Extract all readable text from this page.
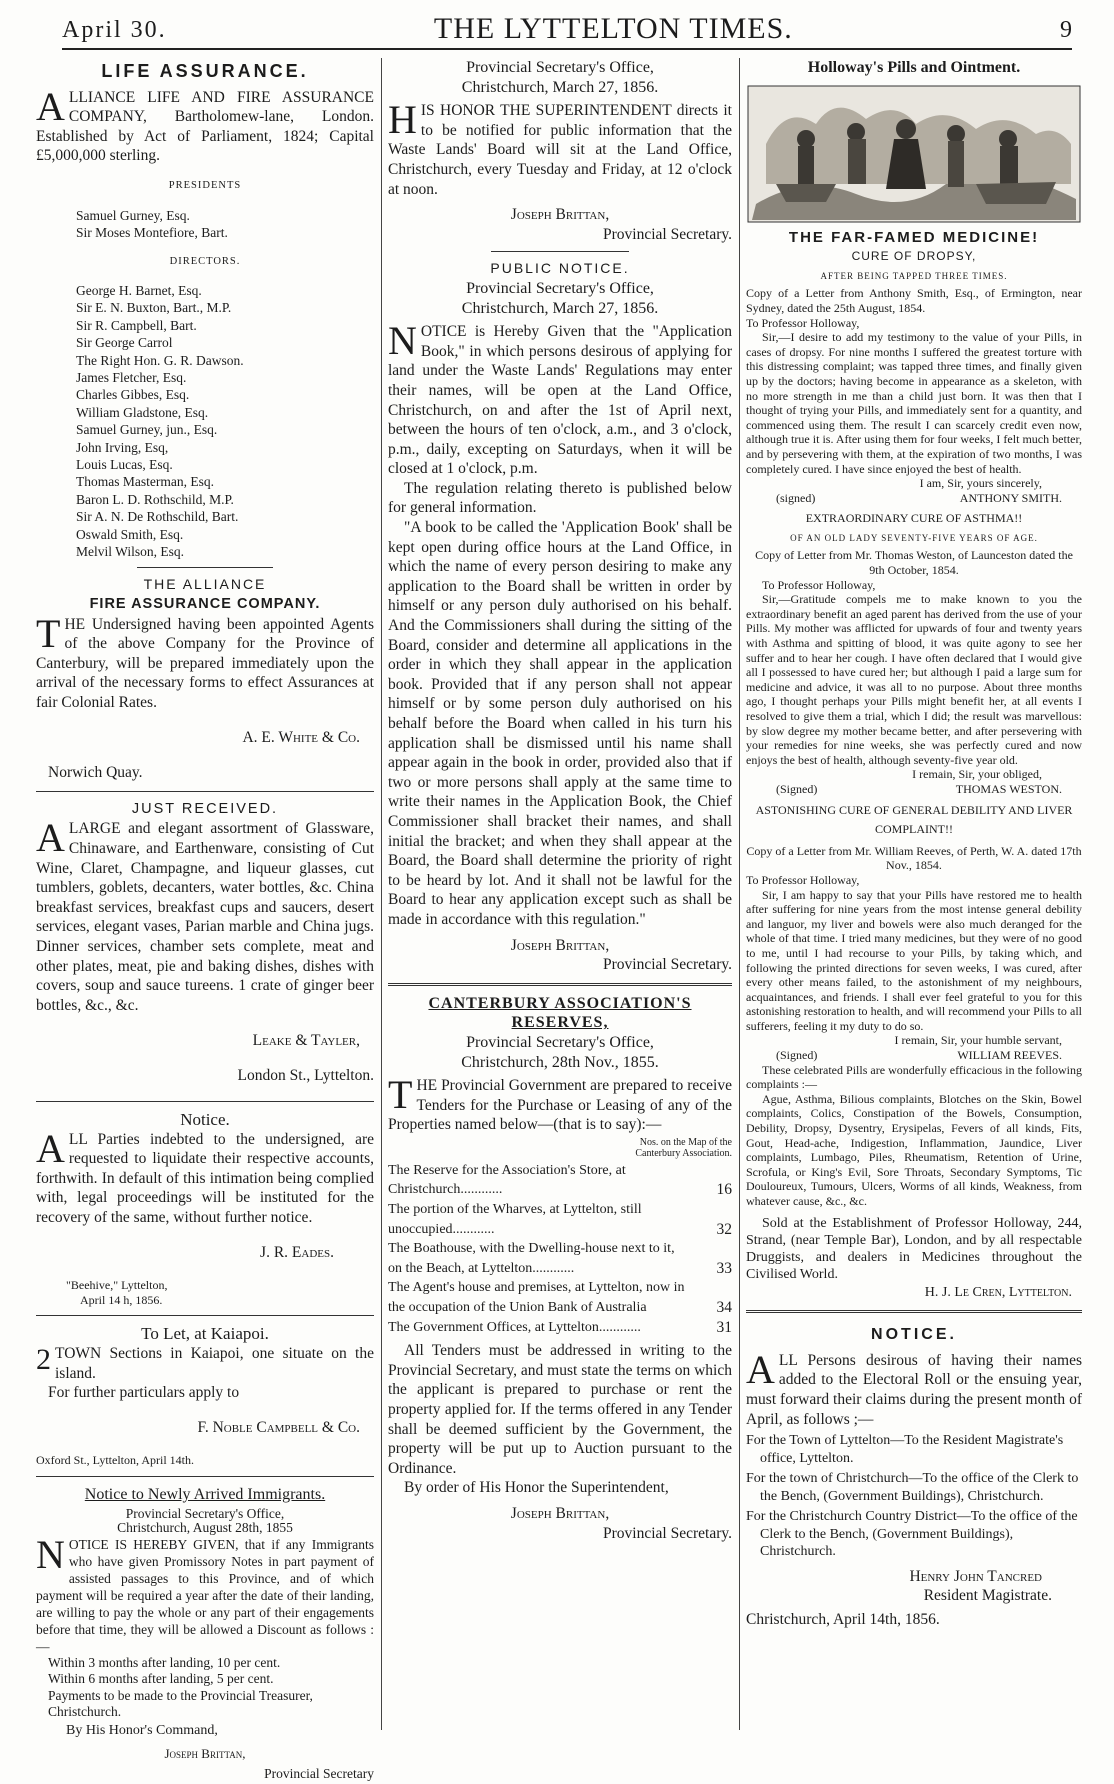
April 30.	THE LYTTELTON TIMES.	9

LIFE ASSURANCE.

ALLIANCE LIFE AND FIRE ASSURANCE COMPANY, Bartholomew-lane, London. Established by Act of Parliament, 1824; Capital £5,000,000 sterling.

PRESIDENTS

Samuel Gurney, Esq.
Sir Moses Montefiore, Bart.

DIRECTORS.

George H. Barnet, Esq.
Sir E. N. Buxton, Bart., M.P.
Sir R. Campbell, Bart.
Sir George Carrol
The Right Hon. G. R. Dawson.
James Fletcher, Esq.
Charles Gibbes, Esq.
William Gladstone, Esq.
Samuel Gurney, jun., Esq.
John Irving, Esq,
Louis Lucas, Esq.
Thomas Masterman, Esq.
Baron L. D. Rothschild, M.P.
Sir A. N. De Rothschild, Bart.
Oswald Smith, Esq.
Melvil Wilson, Esq.

THE ALLIANCE

FIRE ASSURANCE COMPANY.

THE Undersigned having been appointed Agents of the above Company for the Province of Canterbury, will be prepared immediately upon the arrival of the necessary forms to effect Assurances at fair Colonial Rates.

A. E. White & Co.

Norwich Quay.

JUST RECEIVED.

ALARGE and elegant assortment of Glassware, Chinaware, and Earthenware, consisting of Cut Wine, Claret, Champagne, and liqueur glasses, cut tumblers, goblets, decanters, water bottles, &c. China breakfast services, breakfast cups and saucers, desert services, elegant vases, Parian marble and China jugs. Dinner services, chamber sets complete, meat and other plates, meat, pie and baking dishes, dishes with covers, soup and sauce tureens. 1 crate of ginger beer bottles, &c., &c.

Leake & Tayler,

London St., Lyttelton.

Notice.

ALL Parties indebted to the undersigned, are requested to liquidate their respective accounts, forthwith. In default of this intimation being complied with, legal proceedings will be instituted for the recovery of the same, without further notice.

J. R. Eades.

"Beehive," Lyttelton,

April 14 h, 1856.

To Let, at Kaiapoi.

2 TOWN Sections in Kaiapoi, one situate on the island.

For further particulars apply to

F. Noble Campbell & Co.

Oxford St., Lyttelton, April 14th.

Notice to Newly Arrived Immigrants.

Provincial Secretary's Office,

Christchurch, August 28th, 1855

NOTICE IS HEREBY GIVEN, that if any Immigrants who have given Promissory Notes in part payment of assisted passages to this Province, and of which payment will be required a year after the date of their landing, are willing to pay the whole or any part of their engagements before that time, they will be allowed a Discount as follows :—

Within 3 months after landing, 10 per cent.
Within 6 months after landing, 5 per cent.
Payments to be made to the Provincial Treasurer, Christchurch.

By His Honor's Command,

Joseph Brittan,

Provincial Secretary

Provincial Secretary's Office,

Christchurch, March 27, 1856.

HIS HONOR THE SUPERINTENDENT directs it to be notified for public information that the Waste Lands' Board will sit at the Land Office, Christchurch, every Tuesday and Friday, at 12 o'clock at noon.

Joseph Brittan,

Provincial Secretary.

PUBLIC NOTICE.

Provincial Secretary's Office,

Christchurch, March 27, 1856.

NOTICE is Hereby Given that the "Application Book," in which persons desirous of applying for land under the Waste Lands' Regulations may enter their names, will be open at the Land Office, Christchurch, on and after the 1st of April next, between the hours of ten o'clock, a.m., and 3 o'clock, p.m., daily, excepting on Saturdays, when it will be closed at 1 o'clock, p.m.

The regulation relating thereto is published below for general information.

"A book to be called the 'Application Book' shall be kept open during office hours at the Land Office, in which the name of every person desiring to make any application to the Board shall be written in order by himself or any person duly authorised on his behalf. And the Commissioners shall during the sitting of the Board, consider and determine all applications in the order in which they shall appear in the application book. Provided that if any person shall not appear himself or by some person duly authorised on his behalf before the Board when called in his turn his application shall be dismissed until his name shall appear again in the book in order, provided also that if two or more persons shall apply at the same time to write their names in the Application Book, the Chief Commissioner shall bracket their names, and shall initial the bracket; and when they shall appear at the Board, the Board shall determine the priority of right to be heard by lot. And it shall not be lawful for the Board to hear any application except such as shall be made in accordance with this regulation."

Joseph Brittan,

Provincial Secretary.

CANTERBURY ASSOCIATION'S RESERVES,

Provincial Secretary's Office,

Christchurch, 28th Nov., 1855.

THE Provincial Government are prepared to receive Tenders for the Purchase or Leasing of any of the Properties named below—(that is to say):—

Nos. on the Map of the Canterbury Association.

The Reserve for the Association's Store, at Christchurch............	16
The portion of the Wharves, at Lyttelton, still unoccupied............	32
The Boathouse, with the Dwelling-house next to it, on the Beach, at Lyttelton............	33
The Agent's house and premises, at Lyttelton, now in the occupation of the Union Bank of Australia	34
The Government Offices, at Lyttelton............	31

All Tenders must be addressed in writing to the Provincial Secretary, and must state the terms on which the applicant is prepared to purchase or rent the property applied for. If the terms offered in any Tender shall be deemed sufficient by the Government, the property will be put up to Auction pursuant to the Ordinance.

By order of His Honor the Superintendent,

Joseph Brittan,

Provincial Secretary.

Holloway's Pills and Ointment.

THE FAR-FAMED MEDICINE!

CURE OF DROPSY,

AFTER BEING TAPPED THREE TIMES.

Copy of a Letter from Anthony Smith, Esq., of Ermington, near Sydney, dated the 25th August, 1854.

To Professor Holloway,

Sir,—I desire to add my testimony to the value of your Pills, in cases of dropsy. For nine months I suffered the greatest torture with this distressing complaint; was tapped three times, and finally given up by the doctors; having become in appearance as a skeleton, with no more strength in me than a child just born. It was then that I thought of trying your Pills, and immediately sent for a quantity, and commenced using them. The result I can scarcely credit even now, although true it is. After using them for four weeks, I felt much better, and by persevering with them, at the expiration of two months, I was completely cured. I have since enjoyed the best of health.

I am, Sir, yours sincerely,

(signed)	ANTHONY SMITH.

EXTRAORDINARY CURE OF ASTHMA!!

OF AN OLD LADY SEVENTY-FIVE YEARS OF AGE.

Copy of Letter from Mr. Thomas Weston, of Launceston dated the 9th October, 1854.

To Professor Holloway,

Sir,—Gratitude compels me to make known to you the extraordinary benefit an aged parent has derived from the use of your Pills. My mother was afflicted for upwards of four and twenty years with Asthma and spitting of blood, it was quite agony to see her suffer and to hear her cough. I have often declared that I would give all I possessed to have cured her; but although I paid a large sum for medicine and advice, it was all to no purpose. About three months ago, I thought perhaps your Pills might benefit her, at all events I resolved to give them a trial, which I did; the result was marvellous: by slow degree my mother became better, and after persevering with your remedies for nine weeks, she was perfectly cured and now enjoys the best of health, although seventy-five year old.

I remain, Sir, your obliged,

(Signed)	THOMAS WESTON.

ASTONISHING CURE OF GENERAL DEBILITY AND LIVER COMPLAINT!!

Copy of a Letter from Mr. William Reeves, of Perth, W. A. dated 17th Nov., 1854.

To Professor Holloway,

Sir, I am happy to say that your Pills have restored me to health after suffering for nine years from the most intense general debility and languor, my liver and bowels were also much deranged for the whole of that time. I tried many medicines, but they were of no good to me, until I had recourse to your Pills, by taking which, and following the printed directions for seven weeks, I was cured, after every other means failed, to the astonishment of my neighbours, acquaintances, and friends. I shall ever feel grateful to you for this astonishing restoration to health, and will recommend your Pills to all sufferers, feeling it my duty to do so.

I remain, Sir, your humble servant,

(Signed)	WILLIAM REEVES.

These celebrated Pills are wonderfully efficacious in the following complaints :—

Ague, Asthma, Bilious complaints, Blotches on the Skin, Bowel complaints, Colics, Constipation of the Bowels, Consumption, Debility, Dropsy, Dysentry, Erysipelas, Fevers of all kinds, Fits, Gout, Head-ache, Indigestion, Inflammation, Jaundice, Liver complaints, Lumbago, Piles, Rheumatism, Retention of Urine, Scrofula, or King's Evil, Sore Throats, Secondary Symptoms, Tic Douloureux, Tumours, Ulcers, Worms of all kinds, Weakness, from whatever cause, &c., &c.

Sold at the Establishment of Professor Holloway, 244, Strand, (near Temple Bar), London, and by all respectable Druggists, and dealers in Medicines throughout the Civilised World.

H. J. Le Cren, Lyttelton.

NOTICE.

ALL Persons desirous of having their names added to the Electoral Roll or the ensuing year, must forward their claims during the present month of April, as follows ;—

For the Town of Lyttelton—To the Resident Magistrate's office, Lyttelton.
For the town of Christchurch—To the office of the Clerk to the Bench, (Government Buildings), Christchurch.
For the Christchurch Country District—To the office of the Clerk to the Bench, (Government Buildings), Christchurch.

Henry John Tancred

Resident Magistrate.

Christchurch, April 14th, 1856.
